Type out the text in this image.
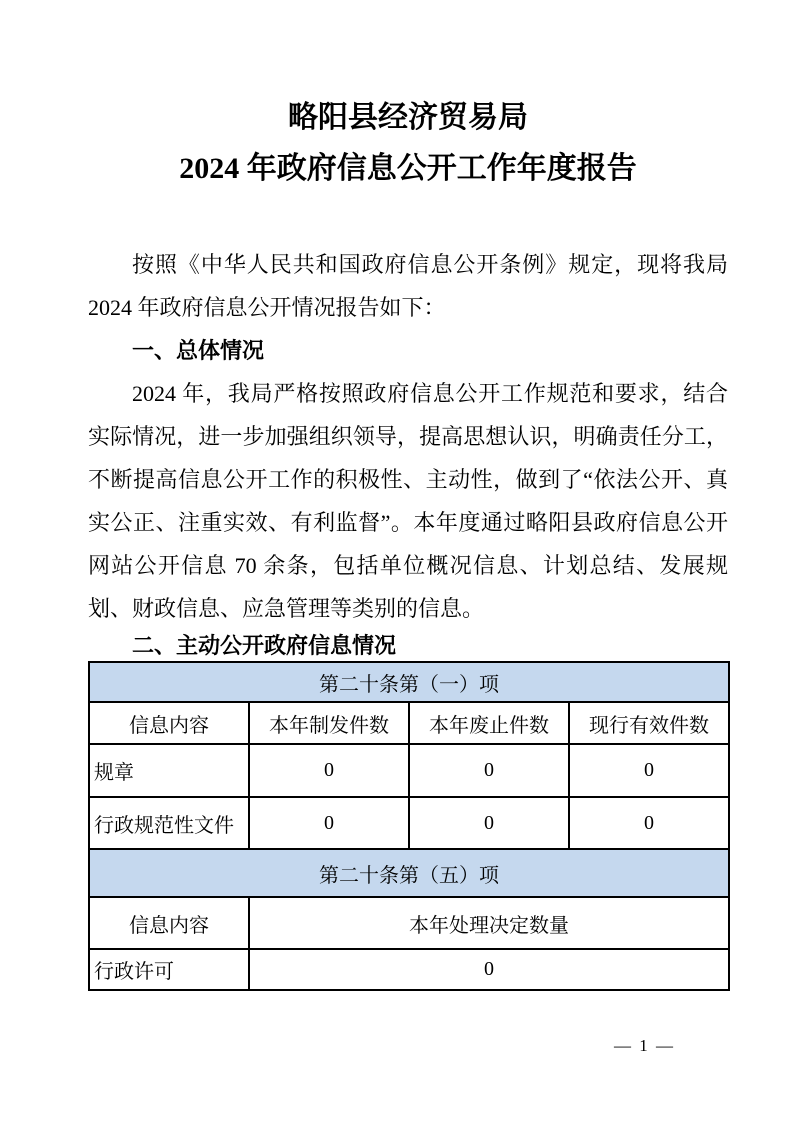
略阳县经济贸易局
2024 年政府信息公开工作年度报告

按照《中华人民共和国政府信息公开条例》规定，现将我局 2024 年政府信息公开情况报告如下：

一、总体情况

2024 年，我局严格按照政府信息公开工作规范和要求，结合实际情况，进一步加强组织领导，提高思想认识，明确责任分工，不断提高信息公开工作的积极性、主动性，做到了“依法公开、真实公正、注重实效、有利监督”。本年度通过略阳县政府信息公开网站公开信息 70 余条，包括单位概况信息、计划总结、发展规划、财政信息、应急管理等类别的信息。

二、主动公开政府信息情况
第二十条第（一）项			
信息内容	本年制发件数	本年废止件数	现行有效件数
规章	0	0	0
行政规范性文件	0	0	0
第二十条第（五）项			
信息内容	本年处理决定数量		
行政许可	0		
— 1 —
